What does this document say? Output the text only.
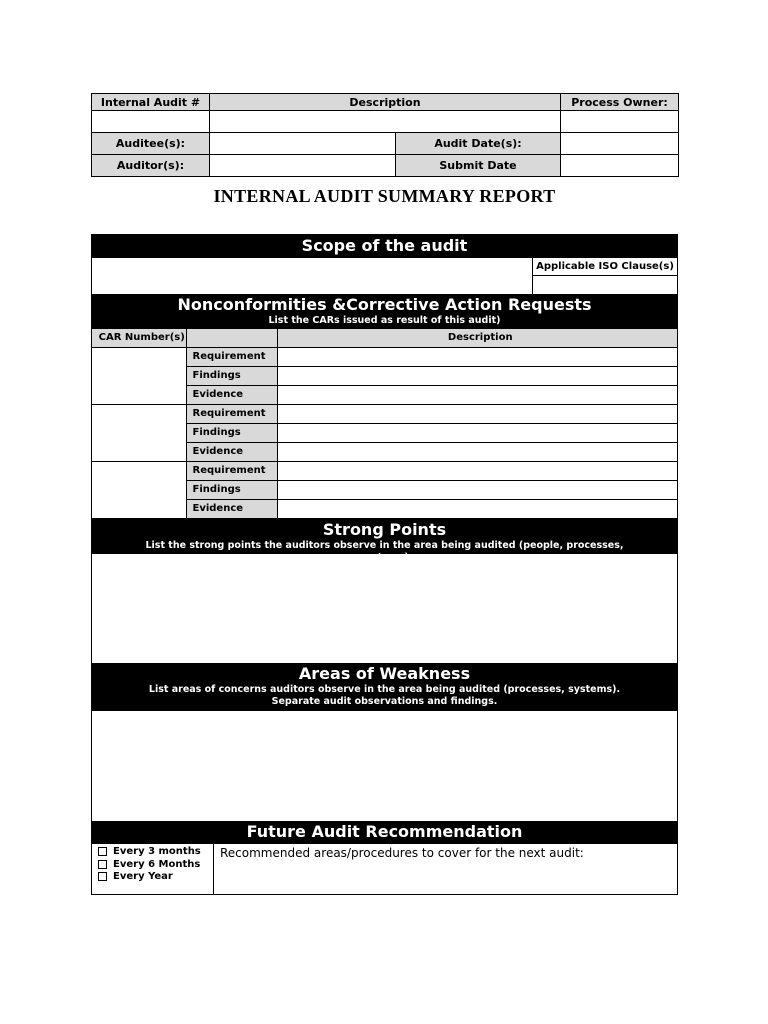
Internal Audit #	Description		Process Owner:

Auditee(s):		Audit Date(s):	
Auditor(s):		Submit Date	
INTERNAL AUDIT SUMMARY REPORT
Scope of the audit
Applicable ISO Clause(s)
Nonconformities &Corrective Action Requests
List the CARs issued as result of this audit)
CAR Number(s)		Description
	Requirement	
	Findings	
	Evidence	
	Requirement	
	Findings	
	Evidence	
	Requirement	
	Findings	
	Evidence	
Strong Points
List the strong points the auditors observe in the area being audited (people, processes, systems)
Areas of Weakness
List areas of concerns auditors observe in the area being audited (processes, systems). Separate audit observations and findings.
Future Audit Recommendation
Every 3 months
Every 6 Months
Every Year
Recommended areas/procedures to cover for the next audit:
